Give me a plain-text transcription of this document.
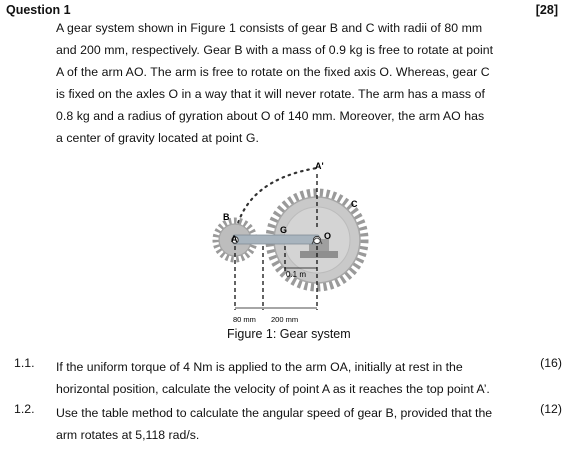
Question 1	[28]
A gear system shown in Figure 1 consists of gear B and C with radii of 80 mm
and 200 mm, respectively. Gear B with a mass of 0.9 kg is free to rotate at point
A of the arm AO. The arm is free to rotate on the fixed axis O. Whereas, gear C
is fixed on the axles O in a way that it will never rotate. The arm has a mass of
0.8 kg and a radius of gyration about O of 140 mm. Moreover, the arm AO has
a center of gravity located at point G.
A'
C
B
A
G
O
0.1 m
80 mm 200 mm
Figure 1: Gear system
1.1. If the uniform torque of 4 Nm is applied to the arm OA, initially at rest in the
horizontal position, calculate the velocity of point A as it reaches the top point A’.
(16)
1.2. Use the table method to calculate the angular speed of gear B, provided that the
arm rotates at 5,118 rad/s.
(12)
